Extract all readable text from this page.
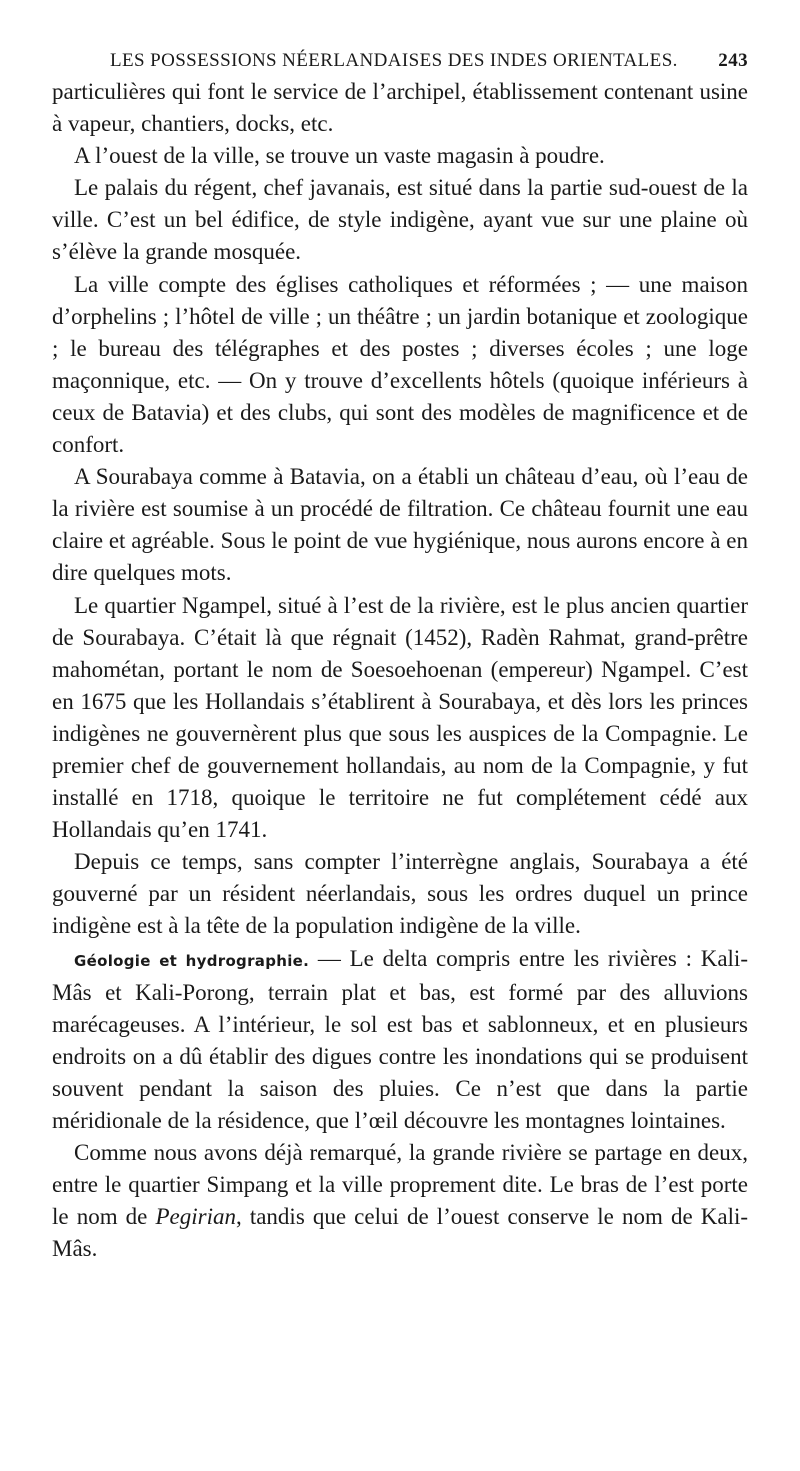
LES POSSESSIONS NÉERLANDAISES DES INDES ORIENTALES. 243

particulières qui font le service de l’archipel, établissement contenant usine à vapeur, chantiers, docks, etc.

A l’ouest de la ville, se trouve un vaste magasin à poudre.

Le palais du régent, chef javanais, est situé dans la partie sud-ouest de la ville. C’est un bel édifice, de style indigène, ayant vue sur une plaine où s’élève la grande mosquée.

La ville compte des églises catholiques et réformées ; — une maison d’orphelins ; l’hôtel de ville ; un théâtre ; un jardin botanique et zoologique ; le bureau des télégraphes et des postes ; diverses écoles ; une loge maçonnique, etc. — On y trouve d’excellents hôtels (quoique inférieurs à ceux de Batavia) et des clubs, qui sont des modèles de magnificence et de confort.

A Sourabaya comme à Batavia, on a établi un château d’eau, où l’eau de la rivière est soumise à un procédé de filtration. Ce château fournit une eau claire et agréable. Sous le point de vue hygiénique, nous aurons encore à en dire quelques mots.

Le quartier Ngampel, situé à l’est de la rivière, est le plus ancien quartier de Sourabaya. C’était là que régnait (1452), Radèn Rahmat, grand-prêtre mahométan, portant le nom de Soesoehoenan (empereur) Ngampel. C’est en 1675 que les Hollandais s’établirent à Sourabaya, et dès lors les princes indigènes ne gouvernèrent plus que sous les auspices de la Compagnie. Le premier chef de gouvernement hollandais, au nom de la Compagnie, y fut installé en 1718, quoique le territoire ne fut complétement cédé aux Hollandais qu’en 1741.

Depuis ce temps, sans compter l’interrègne anglais, Sourabaya a été gouverné par un résident néerlandais, sous les ordres duquel un prince indigène est à la tête de la population indigène de la ville.

Géologie et hydrographie. — Le delta compris entre les rivières : Kali-Mâs et Kali-Porong, terrain plat et bas, est formé par des alluvions marécageuses. A l’intérieur, le sol est bas et sablonneux, et en plusieurs endroits on a dû établir des digues contre les inondations qui se produisent souvent pendant la saison des pluies. Ce n’est que dans la partie méridionale de la résidence, que l’œil découvre les montagnes lointaines.

Comme nous avons déjà remarqué, la grande rivière se partage en deux, entre le quartier Simpang et la ville proprement dite. Le bras de l’est porte le nom de Pegirian, tandis que celui de l’ouest conserve le nom de Kali-Mâs.
